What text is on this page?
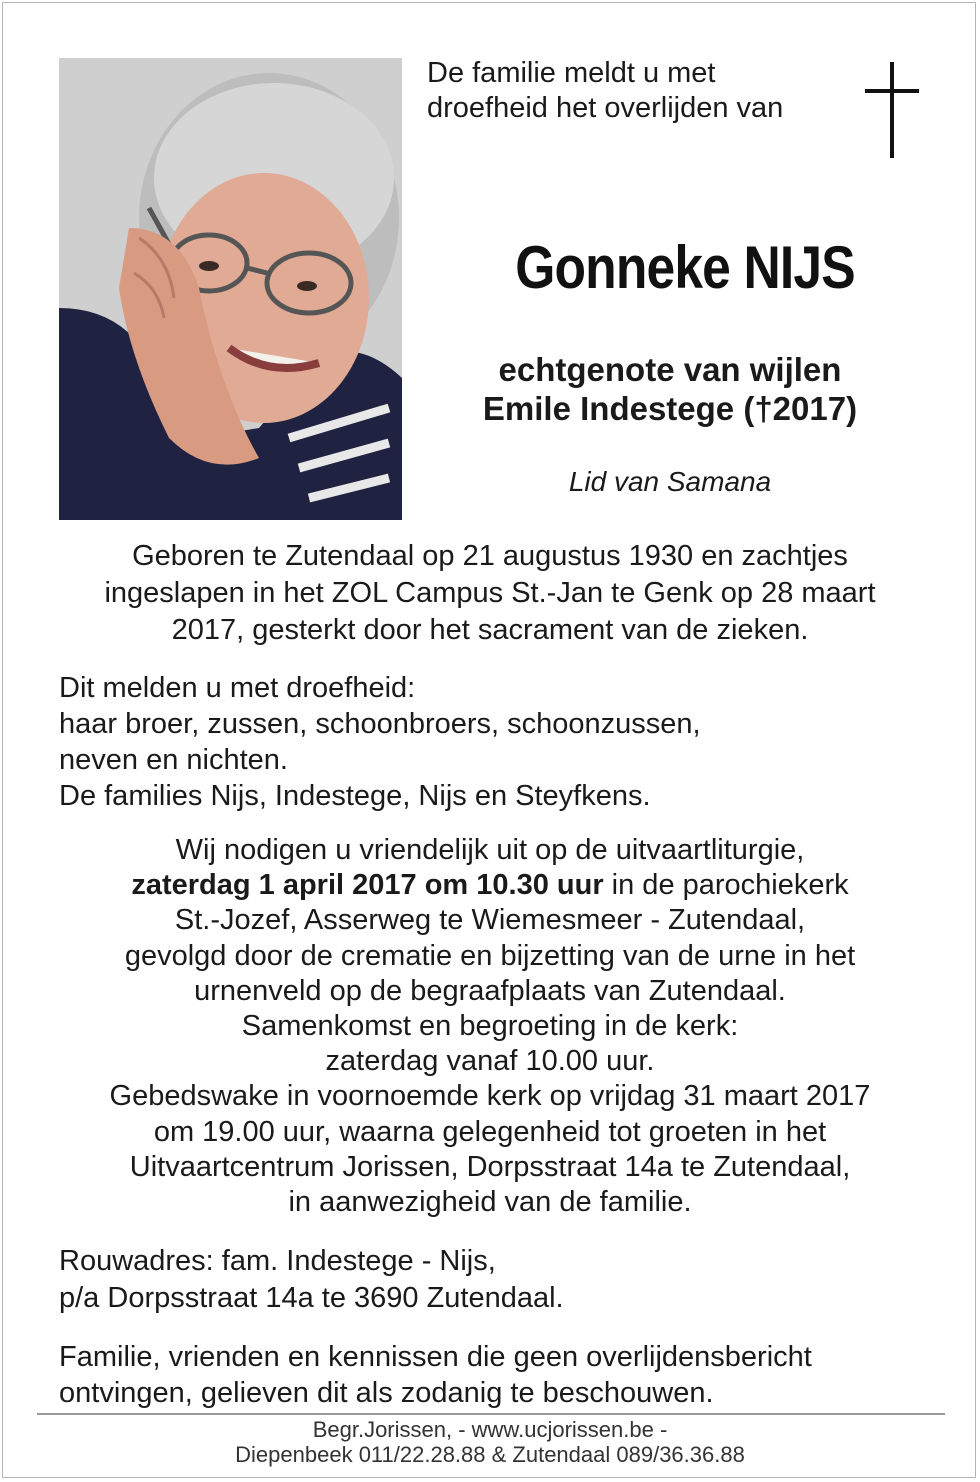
De familie meldt u met
droefheid het overlijden van

Gonneke NIJS

echtgenote van wijlen
Emile Indestege (†2017)

Lid van Samana

Geboren te Zutendaal op 21 augustus 1930 en zachtjes
ingeslapen in het ZOL Campus St.-Jan te Genk op 28 maart
2017, gesterkt door het sacrament van de zieken.

Dit melden u met droefheid:
haar broer, zussen, schoonbroers, schoonzussen,
neven en nichten.
De families Nijs, Indestege, Nijs en Steyfkens.

Wij nodigen u vriendelijk uit op de uitvaartliturgie,
zaterdag 1 april 2017 om 10.30 uur in de parochiekerk
St.-Jozef, Asserweg te Wiemesmeer - Zutendaal,
gevolgd door de crematie en bijzetting van de urne in het
urnenveld op de begraafplaats van Zutendaal.
Samenkomst en begroeting in de kerk:
zaterdag vanaf 10.00 uur.
Gebedswake in voornoemde kerk op vrijdag 31 maart 2017
om 19.00 uur, waarna gelegenheid tot groeten in het
Uitvaartcentrum Jorissen, Dorpsstraat 14a te Zutendaal,
in aanwezigheid van de familie.

Rouwadres: fam. Indestege - Nijs,
p/a Dorpsstraat 14a te 3690 Zutendaal.

Familie, vrienden en kennissen die geen overlijdensbericht
ontvingen, gelieven dit als zodanig te beschouwen.

Begr.Jorissen, - www.ucjorissen.be -
Diepenbeek 011/22.28.88 & Zutendaal 089/36.36.88
